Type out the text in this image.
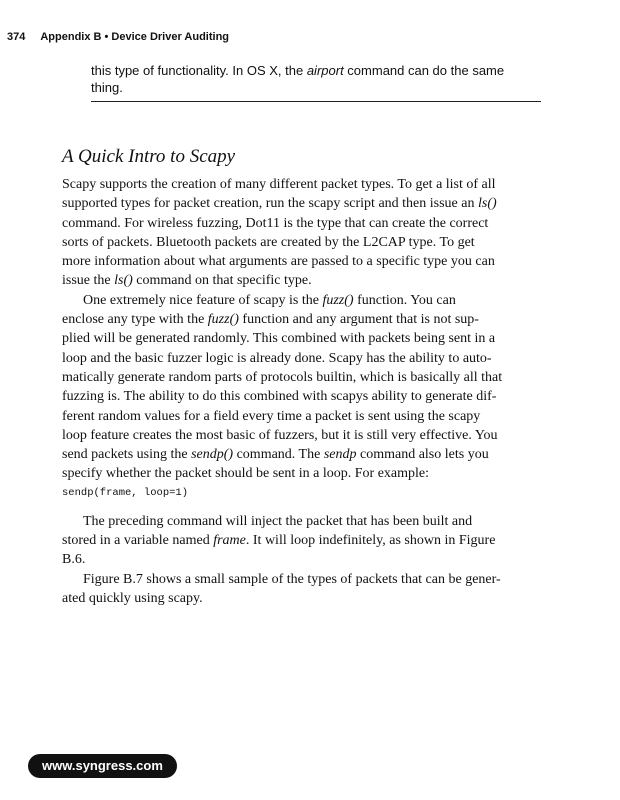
374 Appendix B • Device Driver Auditing
this type of functionality. In OS X, the airport command can do the same
thing.
A Quick Intro to Scapy
Scapy supports the creation of many different packet types. To get a list of all
supported types for packet creation, run the scapy script and then issue an ls()
command. For wireless fuzzing, Dot11 is the type that can create the correct
sorts of packets. Bluetooth packets are created by the L2CAP type. To get
more information about what arguments are passed to a specific type you can
issue the ls() command on that specific type.
One extremely nice feature of scapy is the fuzz() function. You can
enclose any type with the fuzz() function and any argument that is not sup-
plied will be generated randomly. This combined with packets being sent in a
loop and the basic fuzzer logic is already done. Scapy has the ability to auto-
matically generate random parts of protocols builtin, which is basically all that
fuzzing is. The ability to do this combined with scapys ability to generate dif-
ferent random values for a field every time a packet is sent using the scapy
loop feature creates the most basic of fuzzers, but it is still very effective. You
send packets using the sendp() command. The sendp command also lets you
specify whether the packet should be sent in a loop. For example:
sendp(frame, loop=1)
The preceding command will inject the packet that has been built and
stored in a variable named frame. It will loop indefinitely, as shown in Figure
B.6.
Figure B.7 shows a small sample of the types of packets that can be gener-
ated quickly using scapy.
www.syngress.com
